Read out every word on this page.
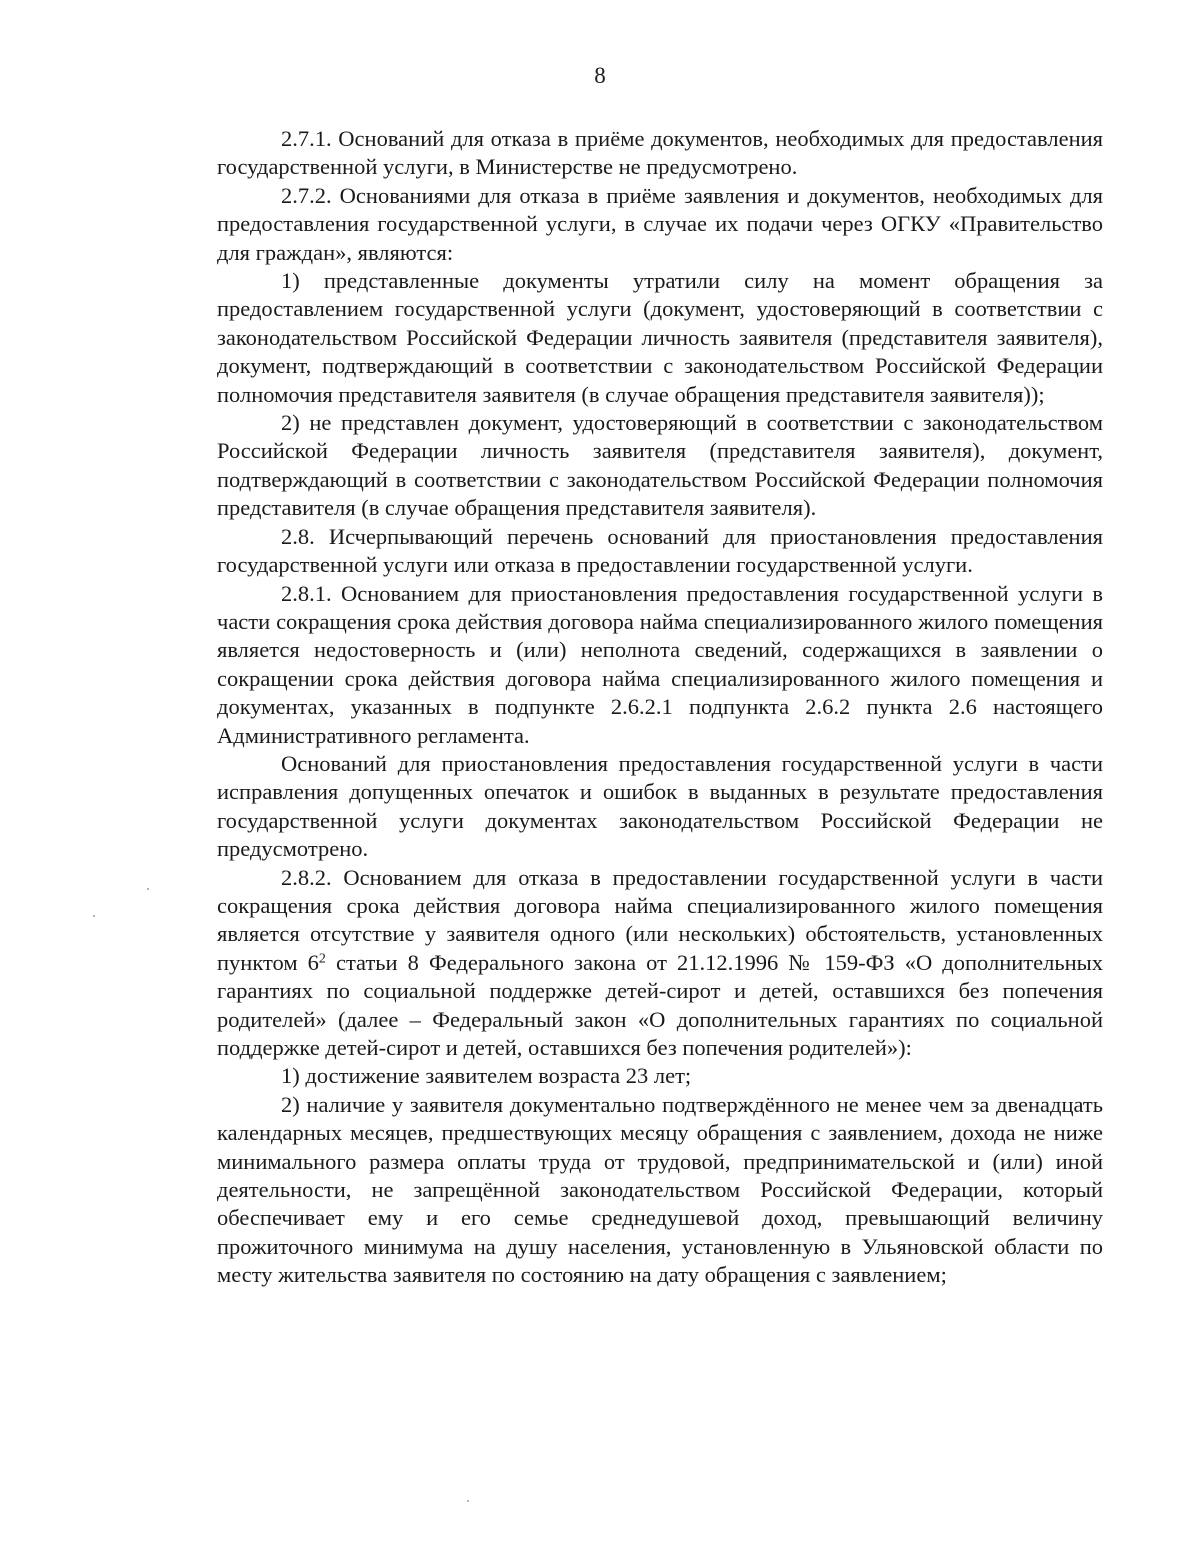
8

2.7.1. Оснований для отказа в приёме документов, необходимых для предоставления государственной услуги, в Министерстве не предусмотрено.

2.7.2. Основаниями для отказа в приёме заявления и документов, необходимых для предоставления государственной услуги, в случае их подачи через ОГКУ «Правительство для граждан», являются:

1) представленные документы утратили силу на момент обращения за предоставлением государственной услуги (документ, удостоверяющий в соответствии с законодательством Российской Федерации личность заявителя (представителя заявителя), документ, подтверждающий в соответствии с законодательством Российской Федерации полномочия представителя заявителя (в случае обращения представителя заявителя));

2) не представлен документ, удостоверяющий в соответствии с законодательством Российской Федерации личность заявителя (представителя заявителя), документ, подтверждающий в соответствии с законодательством Российской Федерации полномочия представителя (в случае обращения представителя заявителя).

2.8. Исчерпывающий перечень оснований для приостановления предоставления государственной услуги или отказа в предоставлении государственной услуги.

2.8.1. Основанием для приостановления предоставления государственной услуги в части сокращения срока действия договора найма специализированного жилого помещения является недостоверность и (или) неполнота сведений, содержащихся в заявлении о сокращении срока действия договора найма специализированного жилого помещения и документах, указанных в подпункте 2.6.2.1 подпункта 2.6.2 пункта 2.6 настоящего Административного регламента.

Оснований для приостановления предоставления государственной услуги в части исправления допущенных опечаток и ошибок в выданных в результате предоставления государственной услуги документах законодательством Российской Федерации не предусмотрено.

2.8.2. Основанием для отказа в предоставлении государственной услуги в части сокращения срока действия договора найма специализированного жилого помещения является отсутствие у заявителя одного (или нескольких) обстоятельств, установленных пунктом $6^2$ статьи 8 Федерального закона от 21.12.1996 № 159-ФЗ «О дополнительных гарантиях по социальной поддержке детей-сирот и детей, оставшихся без попечения родителей» (далее – Федеральный закон «О дополнительных гарантиях по социальной поддержке детей-сирот и детей, оставшихся без попечения родителей»):

1) достижение заявителем возраста 23 лет;

2) наличие у заявителя документально подтверждённого не менее чем за двенадцать календарных месяцев, предшествующих месяцу обращения с заявлением, дохода не ниже минимального размера оплаты труда от трудовой, предпринимательской и (или) иной деятельности, не запрещённой законодательством Российской Федерации, который обеспечивает ему и его семье среднедушевой доход, превышающий величину прожиточного минимума на душу населения, установленную в Ульяновской области по месту жительства заявителя по состоянию на дату обращения с заявлением;
